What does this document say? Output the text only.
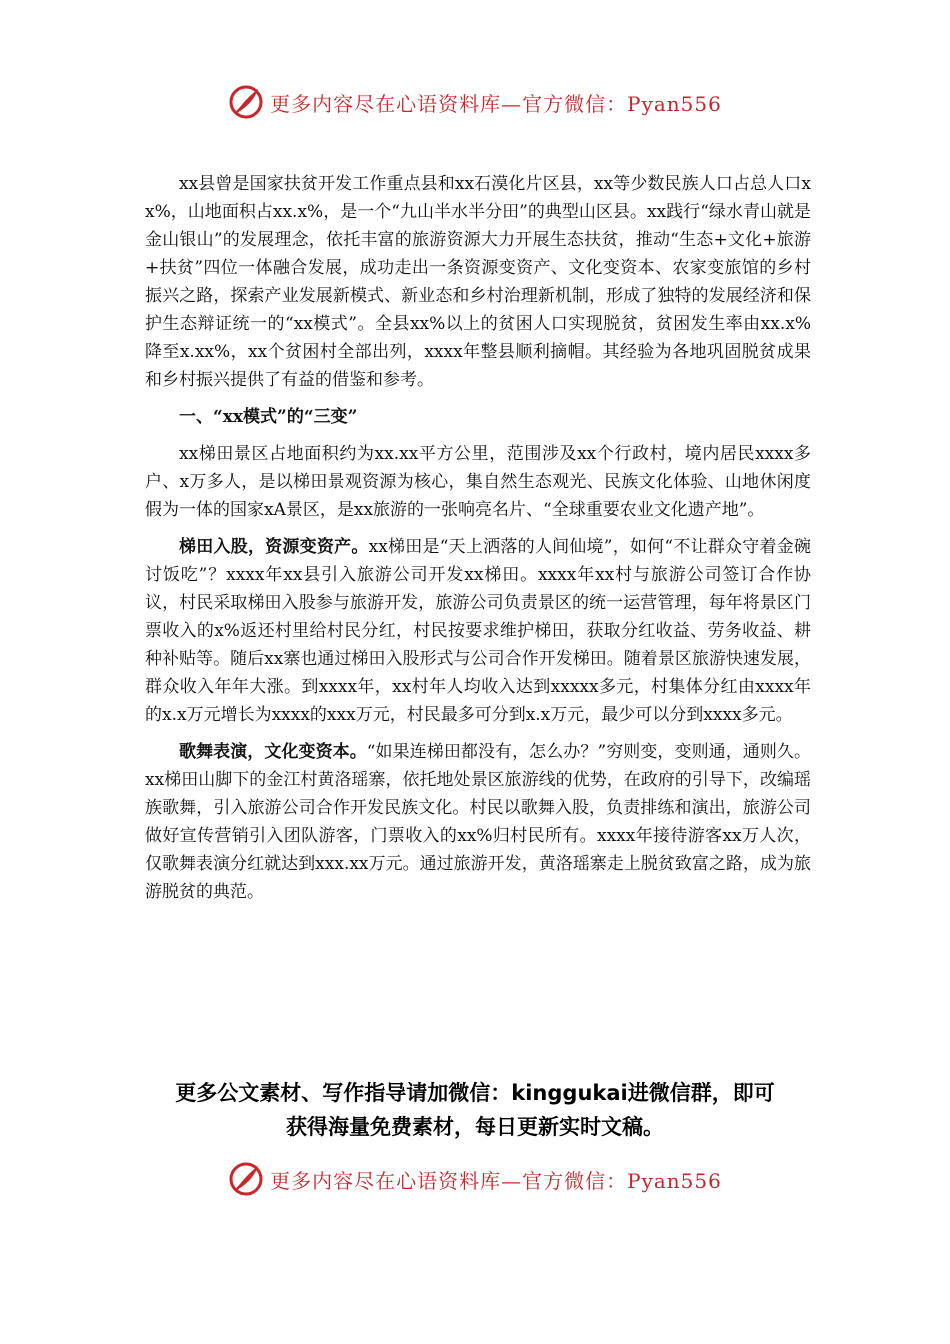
更多内容尽在心语资料库—官方微信：Pyan556

xx县曾是国家扶贫开发工作重点县和xx石漠化片区县，xx等少数民族人口占总人口xx%，山地面积占xx.x%，是一个“九山半水半分田”的典型山区县。xx践行“绿水青山就是金山银山”的发展理念，依托丰富的旅游资源大力开展生态扶贫，推动“生态+文化+旅游+扶贫”四位一体融合发展，成功走出一条资源变资产、文化变资本、农家变旅馆的乡村振兴之路，探索产业发展新模式、新业态和乡村治理新机制，形成了独特的发展经济和保护生态辩证统一的“xx模式”。全县xx%以上的贫困人口实现脱贫，贫困发生率由xx.x%降至x.xx%，xx个贫困村全部出列，xxxx年整县顺利摘帽。其经验为各地巩固脱贫成果和乡村振兴提供了有益的借鉴和参考。

一、“xx模式”的“三变”

xx梯田景区占地面积约为xx.xx平方公里，范围涉及xx个行政村，境内居民xxxx多户、x万多人，是以梯田景观资源为核心，集自然生态观光、民族文化体验、山地休闲度假为一体的国家xA景区，是xx旅游的一张响亮名片、“全球重要农业文化遗产地”。

梯田入股，资源变资产。xx梯田是“天上洒落的人间仙境”，如何“不让群众守着金碗讨饭吃”？xxxx年xx县引入旅游公司开发xx梯田。xxxx年xx村与旅游公司签订合作协议，村民采取梯田入股参与旅游开发，旅游公司负责景区的统一运营管理，每年将景区门票收入的x%返还村里给村民分红，村民按要求维护梯田，获取分红收益、劳务收益、耕种补贴等。随后xx寨也通过梯田入股形式与公司合作开发梯田。随着景区旅游快速发展，群众收入年年大涨。到xxxx年，xx村年人均收入达到xxxxx多元，村集体分红由xxxx年的x.x万元增长为xxxx的xxx万元，村民最多可分到x.x万元，最少可以分到xxxx多元。

歌舞表演，文化变资本。“如果连梯田都没有，怎么办？”穷则变，变则通，通则久。xx梯田山脚下的金江村黄洛瑶寨，依托地处景区旅游线的优势，在政府的引导下，改编瑶族歌舞，引入旅游公司合作开发民族文化。村民以歌舞入股，负责排练和演出，旅游公司做好宣传营销引入团队游客，门票收入的xx%归村民所有。xxxx年接待游客xx万人次，仅歌舞表演分红就达到xxx.xx万元。通过旅游开发，黄洛瑶寨走上脱贫致富之路，成为旅游脱贫的典范。

更多公文素材、写作指导请加微信：kinggukai进微信群，即可
获得海量免费素材，每日更新实时文稿。
更多内容尽在心语资料库—官方微信：Pyan556
